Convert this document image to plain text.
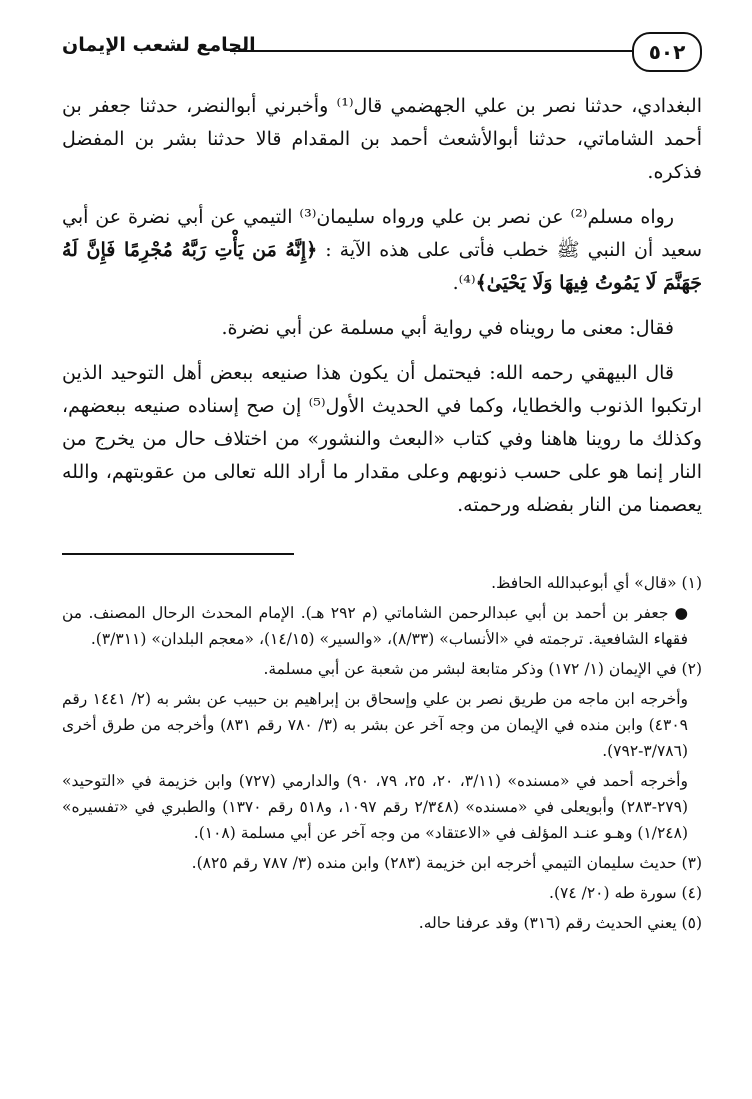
٥٠٢
الجامع لشعب الإيمان

البغدادي، حدثنا نصر بن علي الجهضمي قال⁽¹⁾ وأخبرني أبوالنضر، حدثنا جعفر بن أحمد الشاماتي، حدثنا أبوالأشعث أحمد بن المقدام قالا حدثنا بشر بن المفضل فذكره.

رواه مسلم⁽²⁾ عن نصر بن علي ورواه سليمان⁽³⁾ التيمي عن أبي نضرة عن أبي سعيد أن النبي ﷺ خطب فأتى على هذه الآية : ﴿إِنَّهُ مَن يَأْتِ رَبَّهُ مُجْرِمًا فَإِنَّ لَهُ جَهَنَّمَ لَا يَمُوتُ فِيهَا وَلَا يَحْيَىٰ﴾⁽⁴⁾.

فقال: معنى ما رويناه في رواية أبي مسلمة عن أبي نضرة.

قال البيهقي رحمه الله: فيحتمل أن يكون هذا صنيعه ببعض أهل التوحيد الذين ارتكبوا الذنوب والخطايا، وكما في الحديث الأول⁽⁵⁾ إن صح إسناده صنيعه ببعضهم، وكذلك ما روينا هاهنا وفي كتاب «البعث والنشور» من اختلاف حال من يخرج من النار إنما هو على حسب ذنوبهم وعلى مقدار ما أراد الله تعالى من عقوبتهم، والله يعصمنا من النار بفضله ورحمته.

(١) «قال» أي أبوعبدالله الحافظ.

●جعفر بن أحمد بن أبي عبدالرحمن الشاماتي (م ٢٩٢ هـ). الإمام المحدث الرحال المصنف. من فقهاء الشافعية. ترجمته في «الأنساب» (٨/٣٣)، «والسير» (١٤/١٥)، «معجم البلدان» (٣/٣١١).

(٢) في الإيمان (١/ ١٧٢) وذكر متابعة لبشر من شعبة عن أبي مسلمة.

وأخرجه ابن ماجه من طريق نصر بن علي وإسحاق بن إبراهيم بن حبيب عن بشر به (٢/ ١٤٤١ رقم ٤٣٠٩) وابن منده في الإيمان من وجه آخر عن بشر به (٣/ ٧٨٠ رقم ٨٣١) وأخرجه من طرق أخرى (٣/٧٨٦-٧٩٢).

وأخرجه أحمد في «مسنده» (٣/١١، ٢٠، ٢٥، ٧٩، ٩٠) والدارمي (٧٢٧) وابن خزيمة في «التوحيد» (٢٧٩-٢٨٣) وأبويعلى في «مسنده» (٢/٣٤٨ رقم ١٠٩٧، و٥١٨ رقم ١٣٧٠) والطبري في «تفسيره» (١/٢٤٨) وهـو عنـد المؤلف في «الاعتقاد» من وجه آخر عن أبي مسلمة (١٠٨).

(٣) حديث سليمان التيمي أخرجه ابن خزيمة (٢٨٣) وابن منده (٣/ ٧٨٧ رقم ٨٢٥).

(٤) سورة طه (٢٠/ ٧٤).

(٥) يعني الحديث رقم (٣١٦) وقد عرفنا حاله.
